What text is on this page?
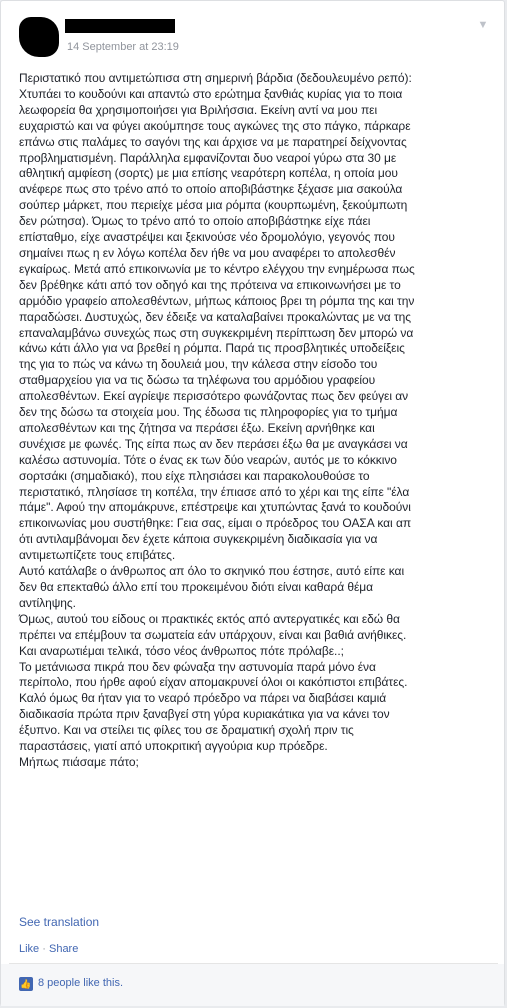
14 September at 23:19
▼
Περιστατικό που αντιμετώπισα στη σημερινή βάρδια (δεδουλευμένο ρεπό):
Χτυπάει το κουδούνι και απαντώ στο ερώτημα ξανθιάς κυρίας για το ποια
λεωφορεία θα χρησιμοποιήσει για Βριλήσσια. Εκείνη αντί να μου πει
ευχαριστώ και να φύγει ακούμπησε τους αγκώνες της στο πάγκο, πάρκαρε
επάνω στις παλάμες το σαγόνι της και άρχισε να με παρατηρεί δείχνοντας
προβληματισμένη. Παράλληλα εμφανίζονται δυο νεαροί γύρω στα 30 με
αθλητική αμφίεση (σορτς) με μια επίσης νεαρότερη κοπέλα, η οποία μου
ανέφερε πως στο τρένο από το οποίο αποβιβάστηκε ξέχασε μια σακούλα
σούπερ μάρκετ, που περιείχε μέσα μια ρόμπα (κουρπωμένη, ξεκούμπωτη
δεν ρώτησα). Όμως το τρένο από το οποίο αποβιβάστηκε είχε πάει
επίσταθμο, είχε αναστρέψει και ξεκινούσε νέο δρομολόγιο, γεγονός που
σημαίνει πως η εν λόγω κοπέλα δεν ήθε να μου αναφέρει το απολεσθέν
εγκαίρως. Μετά από επικοινωνία με το κέντρο ελέγχου την ενημέρωσα πως
δεν βρέθηκε κάτι από τον οδηγό και της πρότεινα να επικοινωνήσει με το
αρμόδιο γραφείο απολεσθέντων, μήπως κάποιος βρει τη ρόμπα της και την
παραδώσει. Δυστυχώς, δεν έδειξε να καταλαβαίνει προκαλώντας με να της
επαναλαμβάνω συνεχώς πως στη συγκεκριμένη περίπτωση δεν μπορώ να
κάνω κάτι άλλο για να βρεθεί η ρόμπα. Παρά τις προσβλητικές υποδείξεις
της για το πώς να κάνω τη δουλειά μου, την κάλεσα στην είσοδο του
σταθμαρχείου για να τις δώσω τα τηλέφωνα του αρμόδιου γραφείου
απολεσθέντων. Εκεί αγρίεψε περισσότερο φωνάζοντας πως δεν φεύγει αν
δεν της δώσω τα στοιχεία μου. Της έδωσα τις πληροφορίες για το τμήμα
απολεσθέντων και της ζήτησα να περάσει έξω. Εκείνη αρνήθηκε και
συνέχισε με φωνές. Της είπα πως αν δεν περάσει έξω θα με αναγκάσει να
καλέσω αστυνομία. Τότε ο ένας εκ των δύο νεαρών, αυτός με το κόκκινο
σορτσάκι (σημαδιακό), που είχε πλησιάσει και παρακολουθούσε το
περιστατικό, πλησίασε τη κοπέλα, την έπιασε από το χέρι και της είπε "έλα
πάμε". Αφού την απομάκρυνε, επέστρεψε και χτυπώντας ξανά το κουδούνι
επικοινωνίας μου συστήθηκε: Γεια σας, είμαι ο πρόεδρος του ΟΑΣΑ και απ
ότι αντιλαμβάνομαι δεν έχετε κάποια συγκεκριμένη διαδικασία για να
αντιμετωπίζετε τους επιβάτες.
Αυτό κατάλαβε ο άνθρωπος απ όλο το σκηνικό που έστησε, αυτό είπε και
δεν θα επεκταθώ άλλο επί του προκειμένου διότι είναι καθαρά θέμα
αντίληψης.
Όμως, αυτού του είδους οι πρακτικές εκτός από αντεργατικές και εδώ θα
πρέπει να επέμβουν τα σωματεία εάν υπάρχουν, είναι και βαθιά ανήθικες.
Και αναρωτιέμαι τελικά, τόσο νέος άνθρωπος πότε πρόλαβε..;
Το μετάνιωσα πικρά που δεν φώναξα την αστυνομία παρά μόνο ένα
περίπολο, που ήρθε αφού είχαν απομακρυνεί όλοι οι κακόπιστοι επιβάτες.
Καλό όμως θα ήταν για το νεαρό πρόεδρο να πάρει να διαβάσει καμιά
διαδικασία πρώτα πριν ξαναβγεί στη γύρα κυριακάτικα για να κάνει τον
έξυπνο. Και να στείλει τις φίλες του σε δραματική σχολή πριν τις
παραστάσεις, γιατί από υποκριτική αγγούρια κυρ πρόεδρε.
Μήπως πιάσαμε πάτο;
See translation
Like · Share
👍 8 people like this.
